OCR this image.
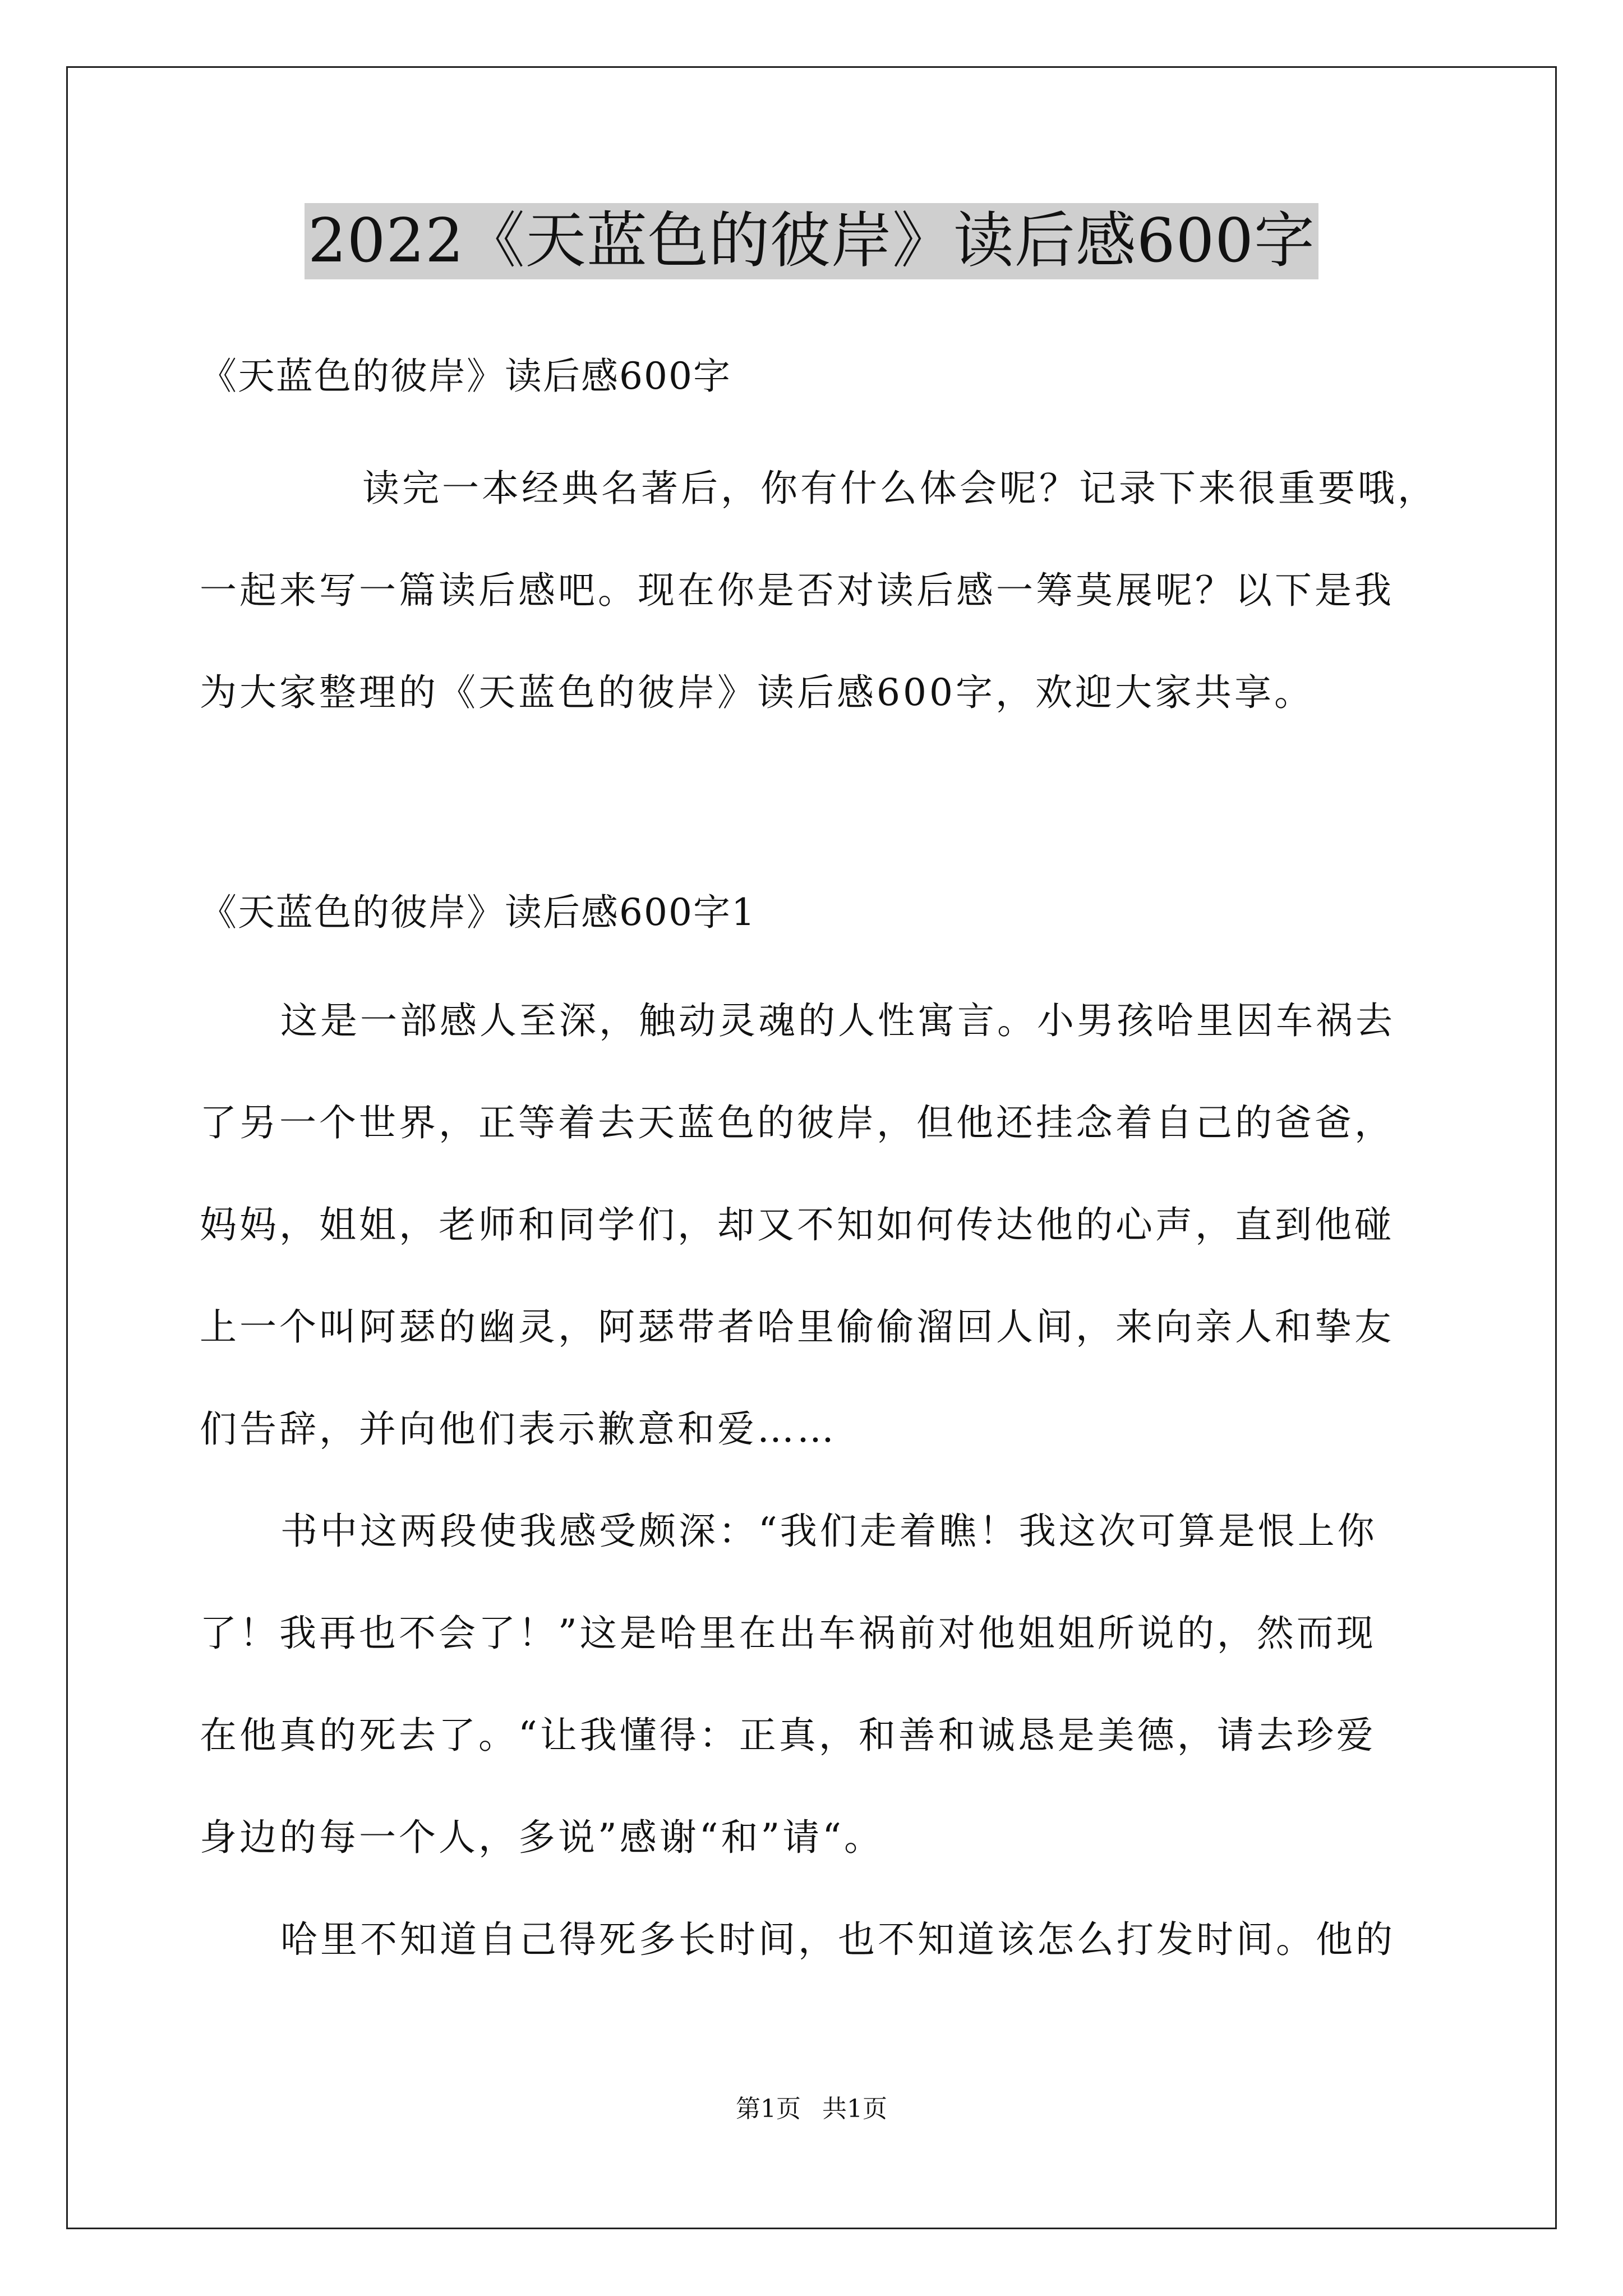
2022《天蓝色的彼岸》读后感600字
《天蓝色的彼岸》读后感600字
读完一本经典名著后，你有什么体会呢？记录下来很重要哦，
一起来写一篇读后感吧。现在你是否对读后感一筹莫展呢？以下是我
为大家整理的《天蓝色的彼岸》读后感600字，欢迎大家共享。
《天蓝色的彼岸》读后感600字1
这是一部感人至深，触动灵魂的人性寓言。小男孩哈里因车祸去
了另一个世界，正等着去天蓝色的彼岸，但他还挂念着自己的爸爸，
妈妈，姐姐，老师和同学们，却又不知如何传达他的心声，直到他碰
上一个叫阿瑟的幽灵，阿瑟带者哈里偷偷溜回人间，来向亲人和挚友
们告辞，并向他们表示歉意和爱……
书中这两段使我感受颇深：“我们走着瞧！我这次可算是恨上你
了！我再也不会了！”这是哈里在出车祸前对他姐姐所说的，然而现
在他真的死去了。“让我懂得：正真，和善和诚恳是美德，请去珍爱
身边的每一个人，多说”感谢“和”请“。
哈里不知道自己得死多长时间，也不知道该怎么打发时间。他的
第1页 共1页
